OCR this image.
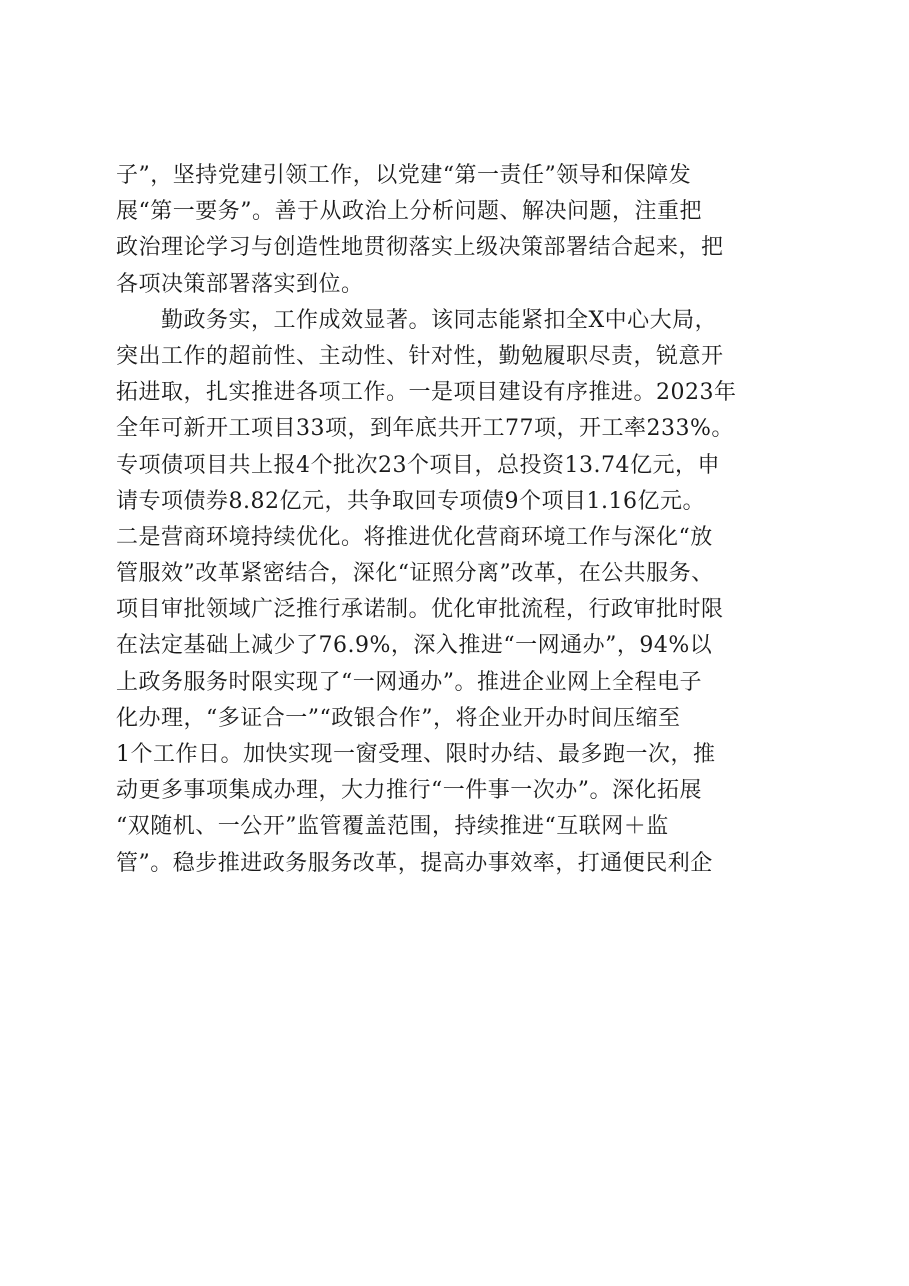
子”，坚持党建引领工作，以党建“第一责任”领导和保障发
展“第一要务”。善于从政治上分析问题、解决问题，注重把
政治理论学习与创造性地贯彻落实上级决策部署结合起来，把
各项决策部署落实到位。
　　勤政务实，工作成效显著。该同志能紧扣全X中心大局，
突出工作的超前性、主动性、针对性，勤勉履职尽责，锐意开
拓进取，扎实推进各项工作。一是项目建设有序推进。2023年
全年可新开工项目33项，到年底共开工77项，开工率233%。
专项债项目共上报4个批次23个项目，总投资13.74亿元，申
请专项债券8.82亿元，共争取回专项债9个项目1.16亿元。
二是营商环境持续优化。将推进优化营商环境工作与深化“放
管服效”改革紧密结合，深化“证照分离”改革，在公共服务、
项目审批领域广泛推行承诺制。优化审批流程，行政审批时限
在法定基础上减少了76.9%，深入推进“一网通办”，94%以
上政务服务时限实现了“一网通办”。推进企业网上全程电子
化办理，“多证合一”“政银合作”，将企业开办时间压缩至
1个工作日。加快实现一窗受理、限时办结、最多跑一次，推
动更多事项集成办理，大力推行“一件事一次办”。深化拓展
“双随机、一公开”监管覆盖范围，持续推进“互联网＋监
管”。稳步推进政务服务改革，提高办事效率，打通便民利企
